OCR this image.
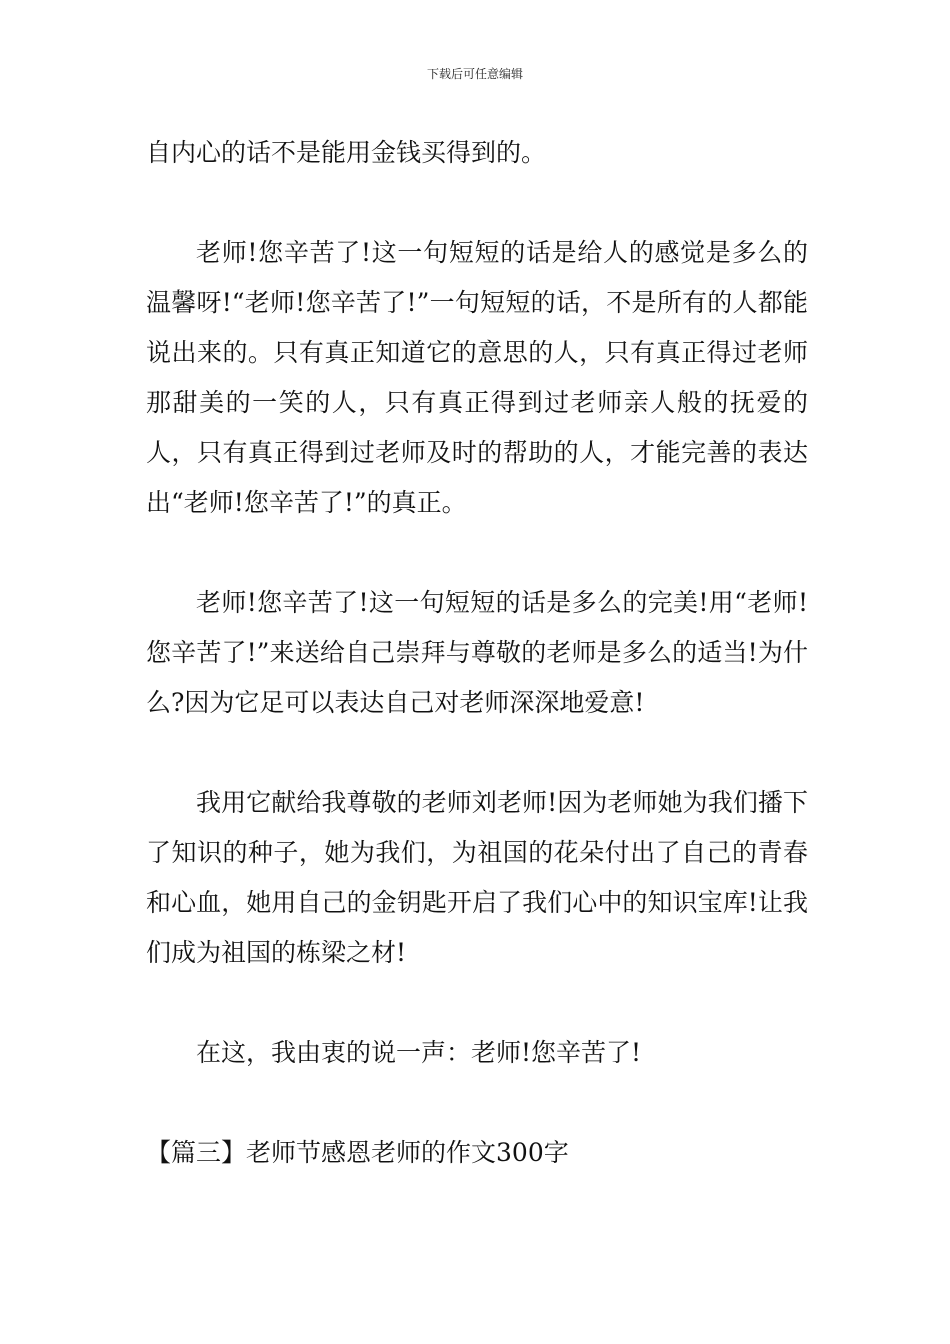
下载后可任意编辑

自内心的话不是能用金钱买得到的。

老师!您辛苦了!这一句短短的话是给人的感觉是多么的温馨呀!“老师!您辛苦了!”一句短短的话，不是所有的人都能说出来的。只有真正知道它的意思的人，只有真正得过老师那甜美的一笑的人，只有真正得到过老师亲人般的抚爱的人，只有真正得到过老师及时的帮助的人，才能完善的表达出“老师!您辛苦了!”的真正。

老师!您辛苦了!这一句短短的话是多么的完美!用“老师!您辛苦了!”来送给自己崇拜与尊敬的老师是多么的适当!为什么?因为它足可以表达自己对老师深深地爱意!

我用它献给我尊敬的老师刘老师!因为老师她为我们播下了知识的种子，她为我们，为祖国的花朵付出了自己的青春和心血，她用自己的金钥匙开启了我们心中的知识宝库!让我们成为祖国的栋梁之材!

在这，我由衷的说一声：老师!您辛苦了!

【篇三】老师节感恩老师的作文300字
